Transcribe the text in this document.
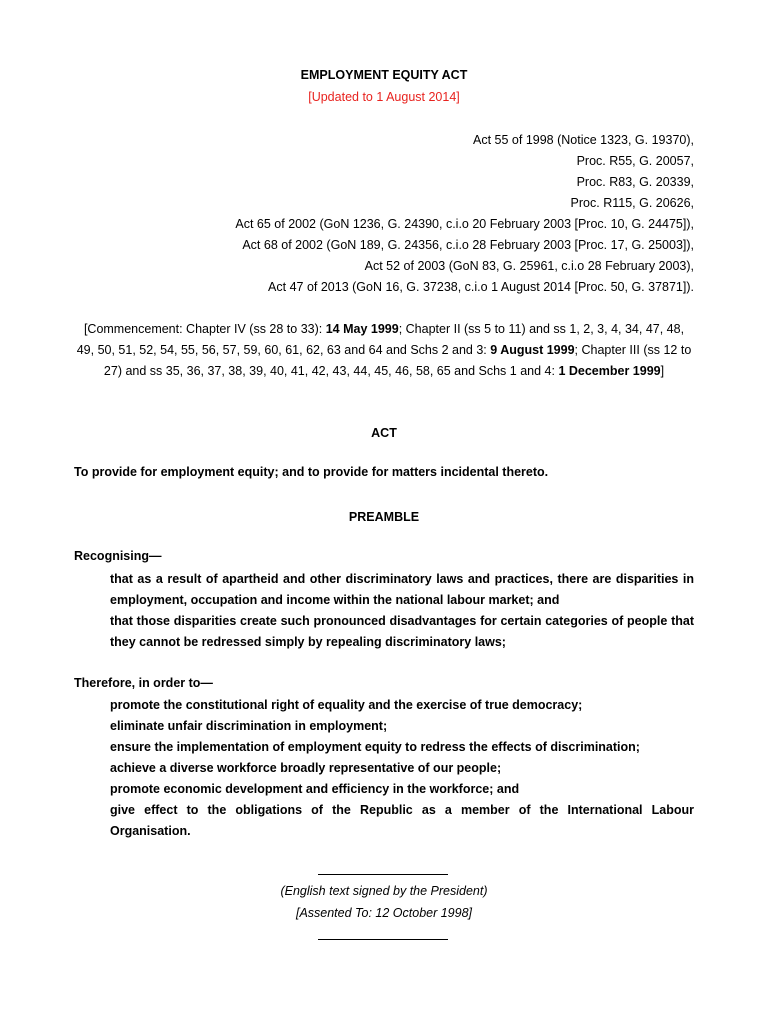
EMPLOYMENT EQUITY ACT
[Updated to 1 August 2014]
Act 55 of 1998 (Notice 1323, G. 19370),
Proc. R55, G. 20057,
Proc. R83, G. 20339,
Proc. R115, G. 20626,
Act 65 of 2002 (GoN 1236, G. 24390, c.i.o 20 February 2003 [Proc. 10, G. 24475]),
Act 68 of 2002 (GoN 189, G. 24356, c.i.o 28 February 2003 [Proc. 17, G. 25003]),
Act 52 of 2003 (GoN 83, G. 25961, c.i.o 28 February 2003),
Act 47 of 2013 (GoN 16, G. 37238, c.i.o 1 August 2014 [Proc. 50, G. 37871]).
[Commencement: Chapter IV (ss 28 to 33): 14 May 1999; Chapter II (ss 5 to 11) and ss 1, 2, 3, 4, 34, 47, 48, 49, 50, 51, 52, 54, 55, 56, 57, 59, 60, 61, 62, 63 and 64 and Schs 2 and 3: 9 August 1999; Chapter III (ss 12 to 27) and ss 35, 36, 37, 38, 39, 40, 41, 42, 43, 44, 45, 46, 58, 65 and Schs 1 and 4: 1 December 1999]
ACT
To provide for employment equity; and to provide for matters incidental thereto.
PREAMBLE
Recognising—

that as a result of apartheid and other discriminatory laws and practices, there are disparities in employment, occupation and income within the national labour market; and

that those disparities create such pronounced disadvantages for certain categories of people that they cannot be redressed simply by repealing discriminatory laws;

Therefore, in order to—

promote the constitutional right of equality and the exercise of true democracy;

eliminate unfair discrimination in employment;

ensure the implementation of employment equity to redress the effects of discrimination;

achieve a diverse workforce broadly representative of our people;

promote economic development and efficiency in the workforce; and

give effect to the obligations of the Republic as a member of the International Labour Organisation.

(English text signed by the President)
[Assented To: 12 October 1998]
